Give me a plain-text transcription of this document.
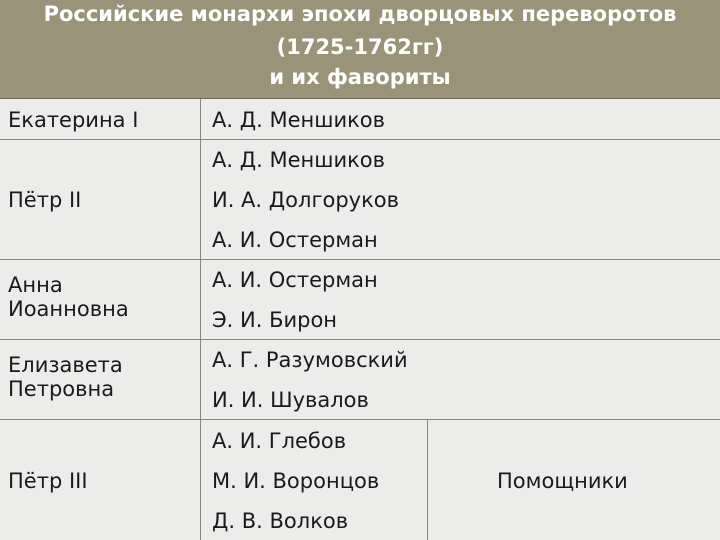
Российские монархи эпохи дворцовых переворотов
(1725-1762гг)
и их фавориты
Екатерина I	А. Д. Меншиков
Пётр II
А. Д. Меншиков
И. А. Долгоруков
А. И. Остерман
Анна
Иоанновна
А. И. Остерман
Э. И. Бирон
Елизавета
Петровна
А. Г. Разумовский
И. И. Шувалов
Пётр III
А. И. Глебов
М. И. Воронцов
Д. В. Волков
Помощники
